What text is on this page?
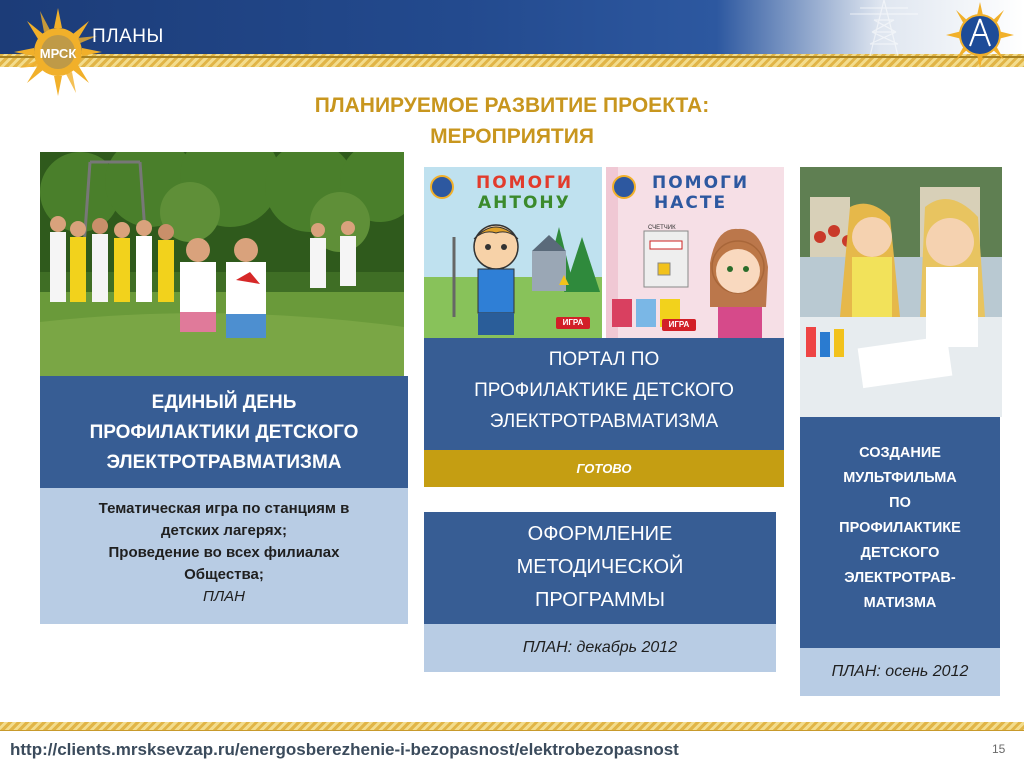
МРСК
ПЛАНЫ
ПЛАНИРУЕМОЕ РАЗВИТИЕ ПРОЕКТА:
МЕРОПРИЯТИЯ
ЕДИНЫЙ ДЕНЬ
ПРОФИЛАКТИКИ ДЕТСКОГО
ЭЛЕКТРОТРАВМАТИЗМА
Тематическая игра по станциям в
детских лагерях;
Проведение во всех филиалах
Общества;
ПЛАН
ПОМОГИ
АНТОНУ
ИГРА
ПОМОГИ
НАСТЕ
СЧЕТЧИК
ИГРА
ПОРТАЛ ПО
ПРОФИЛАКТИКЕ ДЕТСКОГО
ЭЛЕКТРОТРАВМАТИЗМА
ГОТОВО
ОФОРМЛЕНИЕ
МЕТОДИЧЕСКОЙ
ПРОГРАММЫ
ПЛАН: декабрь 2012
СОЗДАНИЕ
МУЛЬТФИЛЬМА
ПО
ПРОФИЛАКТИКЕ
ДЕТСКОГО
ЭЛЕКТРОТРАВ-
МАТИЗМА
ПЛАН: осень 2012
http://clients.mrsksevzap.ru/energosberezhenie-i-bezopasnost/elektrobezopasnost	15
